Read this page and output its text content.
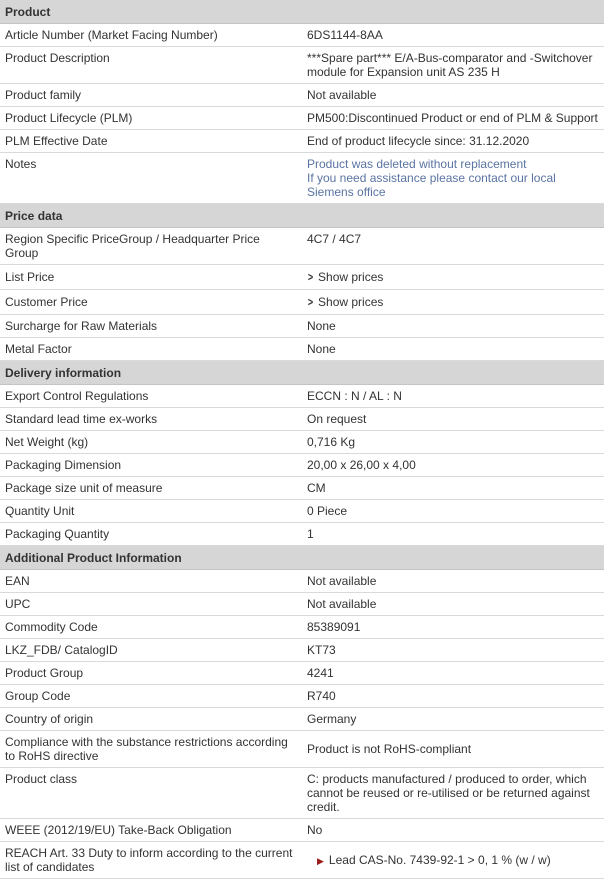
Product	
Article Number (Market Facing Number)	6DS1144-8AA
Product Description	***Spare part*** E/A-Bus-comparator and -Switchover module for Expansion unit AS 235 H
Product family	Not available
Product Lifecycle (PLM)	PM500:Discontinued Product or end of PLM & Support
PLM Effective Date	End of product lifecycle since: 31.12.2020
Notes	Product was deleted without replacement
If you need assistance please contact our local Siemens office

Price data	
Region Specific PriceGroup / Headquarter Price Group	4C7 / 4C7
List Price	> Show prices
Customer Price	> Show prices
Surcharge for Raw Materials	None
Metal Factor	None
Delivery information	
Export Control Regulations	ECCN : N / AL : N
Standard lead time ex-works	On request
Net Weight (kg)	0,716 Kg
Packaging Dimension	20,00 x 26,00 x 4,00
Package size unit of measure	CM
Quantity Unit	0 Piece
Packaging Quantity	1
Additional Product Information	
EAN	Not available
UPC	Not available
Commodity Code	85389091
LKZ_FDB/ CatalogID	KT73
Product Group	4241
Group Code	R740
Country of origin	Germany
Compliance with the substance restrictions according to RoHS directive	Product is not RoHS-compliant
Product class	C: products manufactured / produced to order, which cannot be reused or re-utilised or be returned against credit.
WEEE (2012/19/EU) Take-Back Obligation	No
REACH Art. 33 Duty to inform according to the current list of candidates	▶ Lead CAS-No. 7439-92-1 > 0, 1 % (w / w)
